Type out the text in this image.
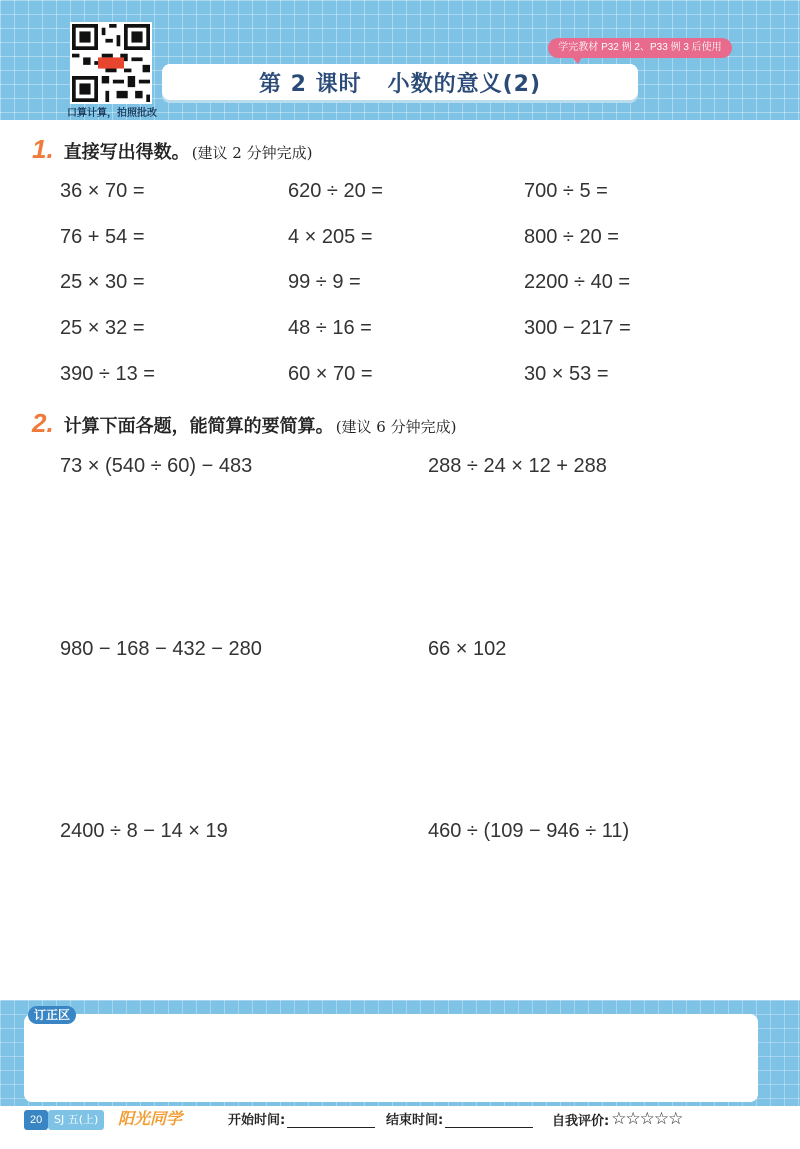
口算计算，拍照批改
学完教材 P32 例 2、P33 例 3 后使用
第 2 课时 小数的意义(2)
1. 直接写出得数。 (建议 2 分钟完成)
36 × 70 =	620 ÷ 20 =	700 ÷ 5 =
76 + 54 =	4 × 205 =	800 ÷ 20 =
25 × 30 =	99 ÷ 9 =	2200 ÷ 40 =
25 × 32 =	48 ÷ 16 =	300 − 217 =
390 ÷ 13 =	60 × 70 =	30 × 53 =
2. 计算下面各题，能简算的要简算。 (建议 6 分钟完成)
73 × (540 ÷ 60) − 483	288 ÷ 24 × 12 + 288
980 − 168 − 432 − 280	66 × 102
2400 ÷ 8 − 14 × 19	460 ÷ (109 − 946 ÷ 11)
订正区
20	SJ 五(上)	阳光同学	开始时间:	结束时间:	自我评价: ☆☆☆☆☆
